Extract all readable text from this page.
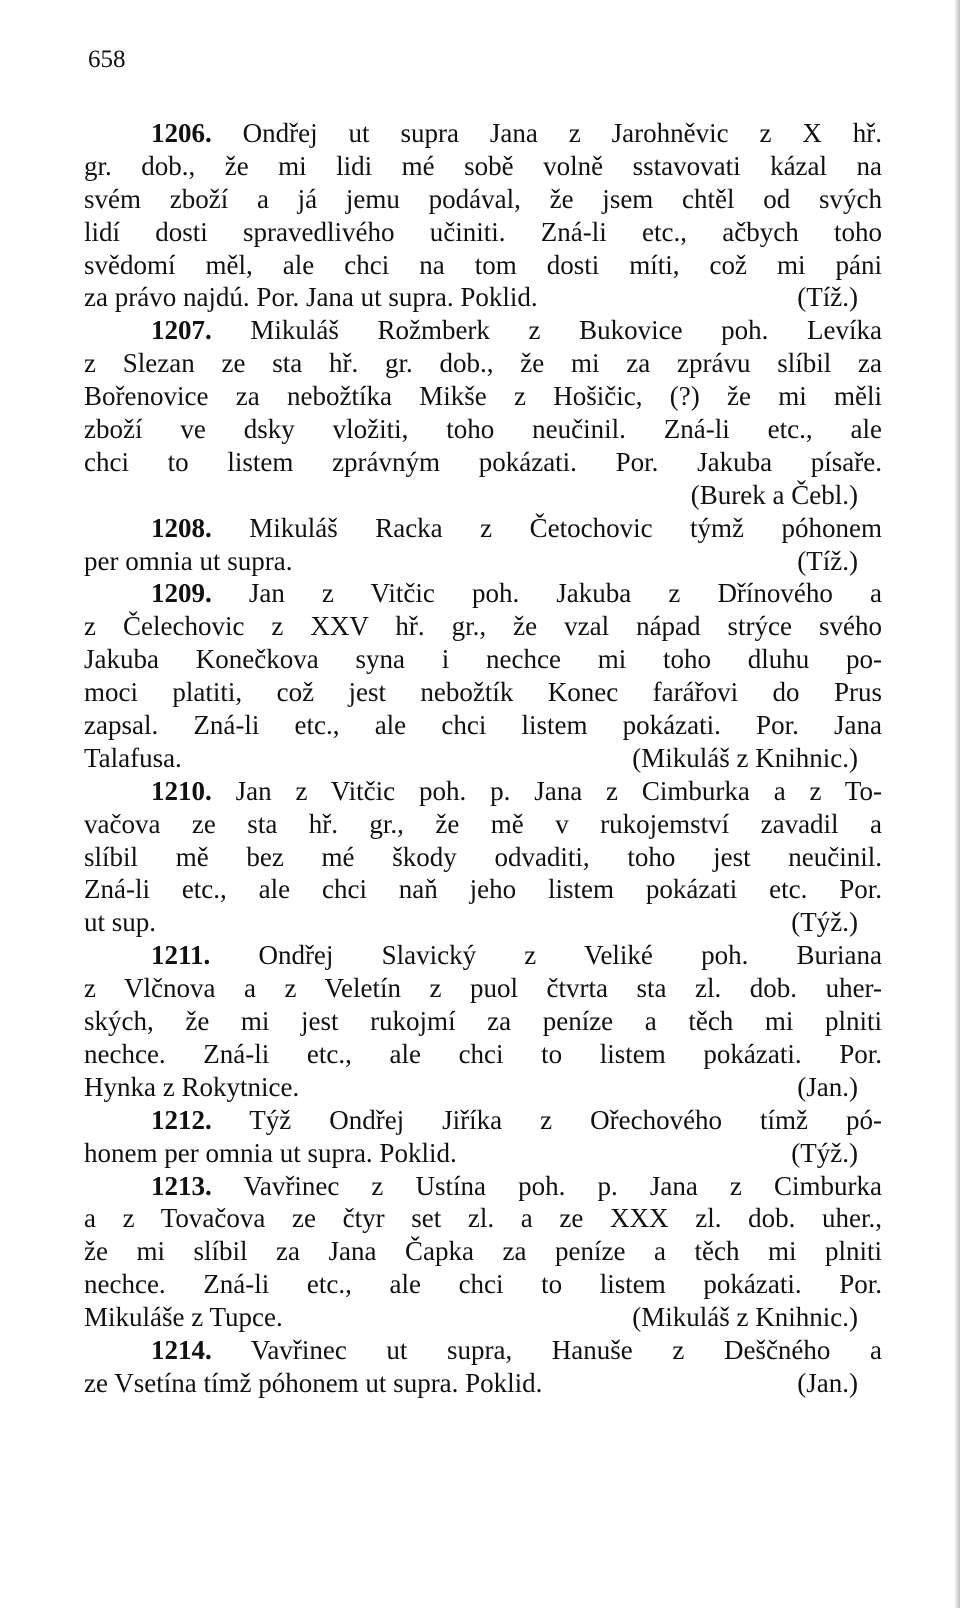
658
1206. Ondřej ut supra Jana z Jarohněvic z X hř.
gr. dob., že mi lidi mé sobě volně sstavovati kázal na
svém zboží a já jemu podával, že jsem chtěl od svých
lidí dosti spravedlivého učiniti. Zná-li etc., ačbych toho
svědomí měl, ale chci na tom dosti míti, což mi páni
za právo najdú. Por. Jana ut supra. Poklid.	(Tíž.)
1207. Mikuláš Rožmberk z Bukovice poh. Levíka
z Slezan ze sta hř. gr. dob., že mi za zprávu slíbil za
Bořenovice za nebožtíka Mikše z Hošičic, (?) že mi měli
zboží ve dsky vložiti, toho neučinil. Zná-li etc., ale
chci to listem zprávným pokázati. Por. Jakuba písaře.
(Burek a Čebl.)
1208. Mikuláš Racka z Četochovic týmž póhonem
per omnia ut supra.	(Tíž.)
1209. Jan z Vitčic poh. Jakuba z Dřínového a
z Čelechovic z XXV hř. gr., že vzal nápad strýce svého
Jakuba Konečkova syna i nechce mi toho dluhu po-
moci platiti, což jest nebožtík Konec farářovi do Prus
zapsal. Zná-li etc., ale chci listem pokázati. Por. Jana
Talafusa.	(Mikuláš z Knihnic.)
1210. Jan z Vitčic poh. p. Jana z Cimburka a z To-
vačova ze sta hř. gr., že mě v rukojemství zavadil a
slíbil mě bez mé škody odvaditi, toho jest neučinil.
Zná-li etc., ale chci naň jeho listem pokázati etc. Por.
ut sup.	(Týž.)
1211. Ondřej Slavický z Veliké poh. Buriana
z Vlčnova a z Veletín z puol čtvrta sta zl. dob. uher-
ských, že mi jest rukojmí za peníze a těch mi plniti
nechce. Zná-li etc., ale chci to listem pokázati. Por.
Hynka z Rokytnice.	(Jan.)
1212. Týž Ondřej Jiříka z Ořechového tímž pó-
honem per omnia ut supra. Poklid.	(Týž.)
1213. Vavřinec z Ustína poh. p. Jana z Cimburka
a z Tovačova ze čtyr set zl. a ze XXX zl. dob. uher.,
že mi slíbil za Jana Čapka za peníze a těch mi plniti
nechce. Zná-li etc., ale chci to listem pokázati. Por.
Mikuláše z Tupce.	(Mikuláš z Knihnic.)
1214. Vavřinec ut supra, Hanuše z Deščného a
ze Vsetína tímž póhonem ut supra. Poklid.	(Jan.)
